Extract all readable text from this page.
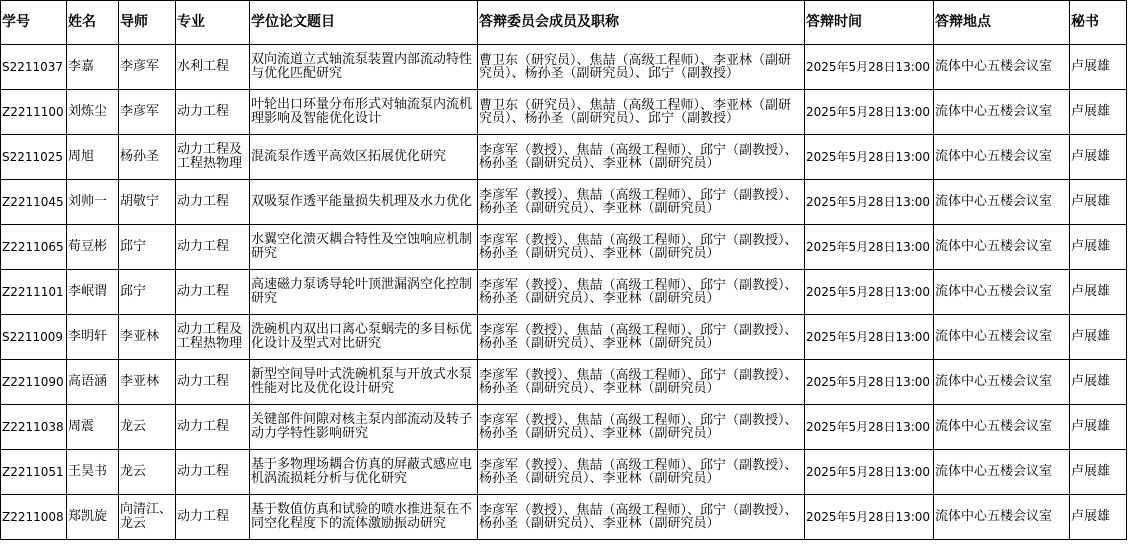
学号	姓名	导师	专业	学位论文题目	答辩委员会成员及职称	答辩时间	答辩地点	秘书
S2211037	李嘉	李彦军	水利工程	双向流道立式轴流泵装置内部流动特性与优化匹配研究	曹卫东（研究员）、焦喆（高级工程师）、李亚林（副研究员）、杨孙圣（副研究员）、邱宁（副教授）	2025年5月28日13:00	流体中心五楼会议室	卢展雄
Z2211100	刘炼尘	李彦军	动力工程	叶轮出口环量分布形式对轴流泵内流机理影响及智能优化设计	曹卫东（研究员）、焦喆（高级工程师）、李亚林（副研究员）、杨孙圣（副研究员）、邱宁（副教授）	2025年5月28日13:00	流体中心五楼会议室	卢展雄
S2211025	周旭	杨孙圣	动力工程及工程热物理	混流泵作透平高效区拓展优化研究	李彦军（教授）、焦喆（高级工程师）、邱宁（副教授）、杨孙圣（副研究员）、李亚林（副研究员）	2025年5月28日13:00	流体中心五楼会议室	卢展雄
Z2211045	刘帅一	胡敬宁	动力工程	双吸泵作透平能量损失机理及水力优化	李彦军（教授）、焦喆（高级工程师）、邱宁（副教授）、杨孙圣（副研究员）、李亚林（副研究员）	2025年5月28日13:00	流体中心五楼会议室	卢展雄
Z2211065	荀豆彬	邱宁	动力工程	水翼空化溃灭耦合特性及空蚀响应机制研究	李彦军（教授）、焦喆（高级工程师）、邱宁（副教授）、杨孙圣（副研究员）、李亚林（副研究员）	2025年5月28日13:00	流体中心五楼会议室	卢展雄
Z2211101	李岷谓	邱宁	动力工程	高速磁力泵诱导轮叶顶泄漏涡空化控制研究	李彦军（教授）、焦喆（高级工程师）、邱宁（副教授）、杨孙圣（副研究员）、李亚林（副研究员）	2025年5月28日13:00	流体中心五楼会议室	卢展雄
S2211009	李明轩	李亚林	动力工程及工程热物理	洗碗机内双出口离心泵蜗壳的多目标优化设计及型式对比研究	李彦军（教授）、焦喆（高级工程师）、邱宁（副教授）、杨孙圣（副研究员）、李亚林（副研究员）	2025年5月28日13:00	流体中心五楼会议室	卢展雄
Z2211090	高语涵	李亚林	动力工程	新型空间导叶式洗碗机泵与开放式水泵性能对比及优化设计研究	李彦军（教授）、焦喆（高级工程师）、邱宁（副教授）、杨孙圣（副研究员）、李亚林（副研究员）	2025年5月28日13:00	流体中心五楼会议室	卢展雄
Z2211038	周震	龙云	动力工程	关键部件间隙对核主泵内部流动及转子动力学特性影响研究	李彦军（教授）、焦喆（高级工程师）、邱宁（副教授）、杨孙圣（副研究员）、李亚林（副研究员）	2025年5月28日13:00	流体中心五楼会议室	卢展雄
Z2211051	王昊书	龙云	动力工程	基于多物理场耦合仿真的屏蔽式感应电机涡流损耗分析与优化研究	李彦军（教授）、焦喆（高级工程师）、邱宁（副教授）、杨孙圣（副研究员）、李亚林（副研究员）	2025年5月28日13:00	流体中心五楼会议室	卢展雄
Z2211008	郑凯旋	向清江、龙云	动力工程	基于数值仿真和试验的喷水推进泵在不同空化程度下的流体激励振动研究	李彦军（教授）、焦喆（高级工程师）、邱宁（副教授）、杨孙圣（副研究员）、李亚林（副研究员）	2025年5月28日13:00	流体中心五楼会议室	卢展雄
